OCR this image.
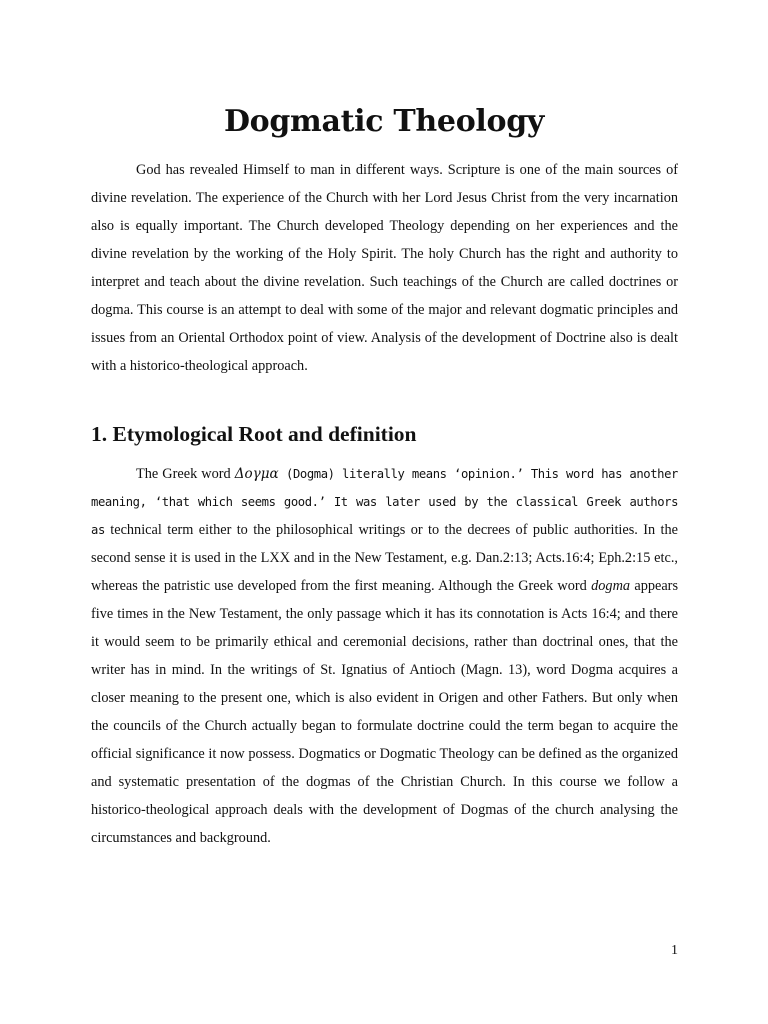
Dogmatic Theology

God has revealed Himself to man in different ways. Scripture is one of the main sources of divine revelation. The experience of the Church with her Lord Jesus Christ from the very incarnation also is equally important. The Church developed Theology depending on her experiences and the divine revelation by the working of the Holy Spirit. The holy Church has the right and authority to interpret and teach about the divine revelation. Such teachings of the Church are called doctrines or dogma. This course is an attempt to deal with some of the major and relevant dogmatic principles and issues from an Oriental Orthodox point of view. Analysis of the development of Doctrine also is dealt with a historico-theological approach.

1. Etymological Root and definition

The Greek word Δογμα (Dogma) literally means ‘opinion.’ This word has another meaning, ‘that which seems good.’ It was later used by the classical Greek authors as technical term either to the philosophical writings or to the decrees of public authorities. In the second sense it is used in the LXX and in the New Testament, e.g. Dan.2:13; Acts.16:4; Eph.2:15 etc., whereas the patristic use developed from the first meaning. Although the Greek word dogma appears five times in the New Testament, the only passage which it has its connotation is Acts 16:4; and there it would seem to be primarily ethical and ceremonial decisions, rather than doctrinal ones, that the writer has in mind. In the writings of St. Ignatius of Antioch (Magn. 13), word Dogma acquires a closer meaning to the present one, which is also evident in Origen and other Fathers. But only when the councils of the Church actually began to formulate doctrine could the term began to acquire the official significance it now possess. Dogmatics or Dogmatic Theology can be defined as the organized and systematic presentation of the dogmas of the Christian Church. In this course we follow a historico-theological approach deals with the development of Dogmas of the church analysing the circumstances and background.

1
